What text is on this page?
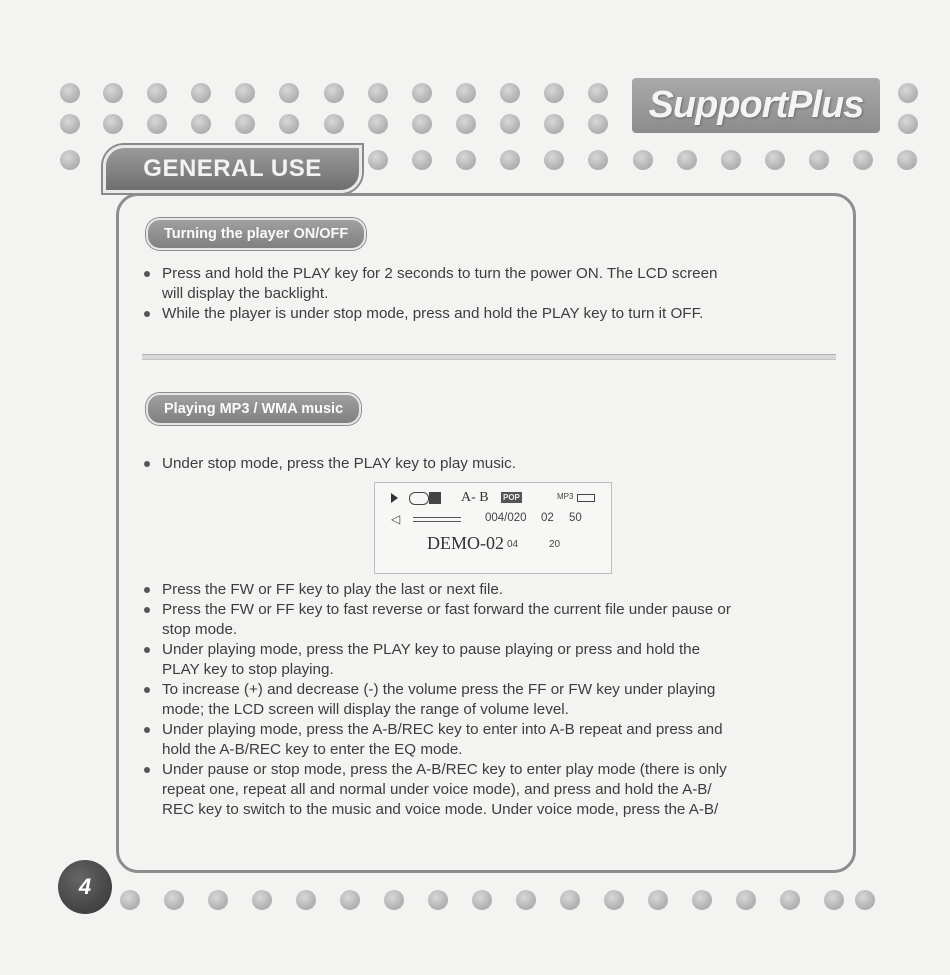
SupportPlus
GENERAL USE
Turning the player ON/OFF
Press and hold the PLAY key for 2 seconds to turn the power ON. The LCD screen
will display the backlight.
While the player is under stop mode, press and hold the PLAY key to turn it OFF.
Playing MP3 / WMA music
Under stop mode, press the PLAY key to play music.
A- B POP	MP3
◁	004/020 02 50
DEMO-02 04	20
Press the FW or FF key to play the last or next file.
Press the FW or FF key to fast reverse or fast forward the current file under pause or
stop mode.
Under playing mode, press the PLAY key to pause playing or press and hold the
PLAY key to stop playing.
To increase (+) and decrease (-) the volume press the FF or FW key under playing
mode; the LCD screen will display the range of volume level.
Under playing mode, press the A-B/REC key to enter into A-B repeat and press and
hold the A-B/REC key to enter the EQ mode.
Under pause or stop mode, press the A-B/REC key to enter play mode (there is only
repeat one, repeat all and normal under voice mode), and press and hold the A-B/
REC key to switch to the music and voice mode. Under voice mode, press the A-B/
4
